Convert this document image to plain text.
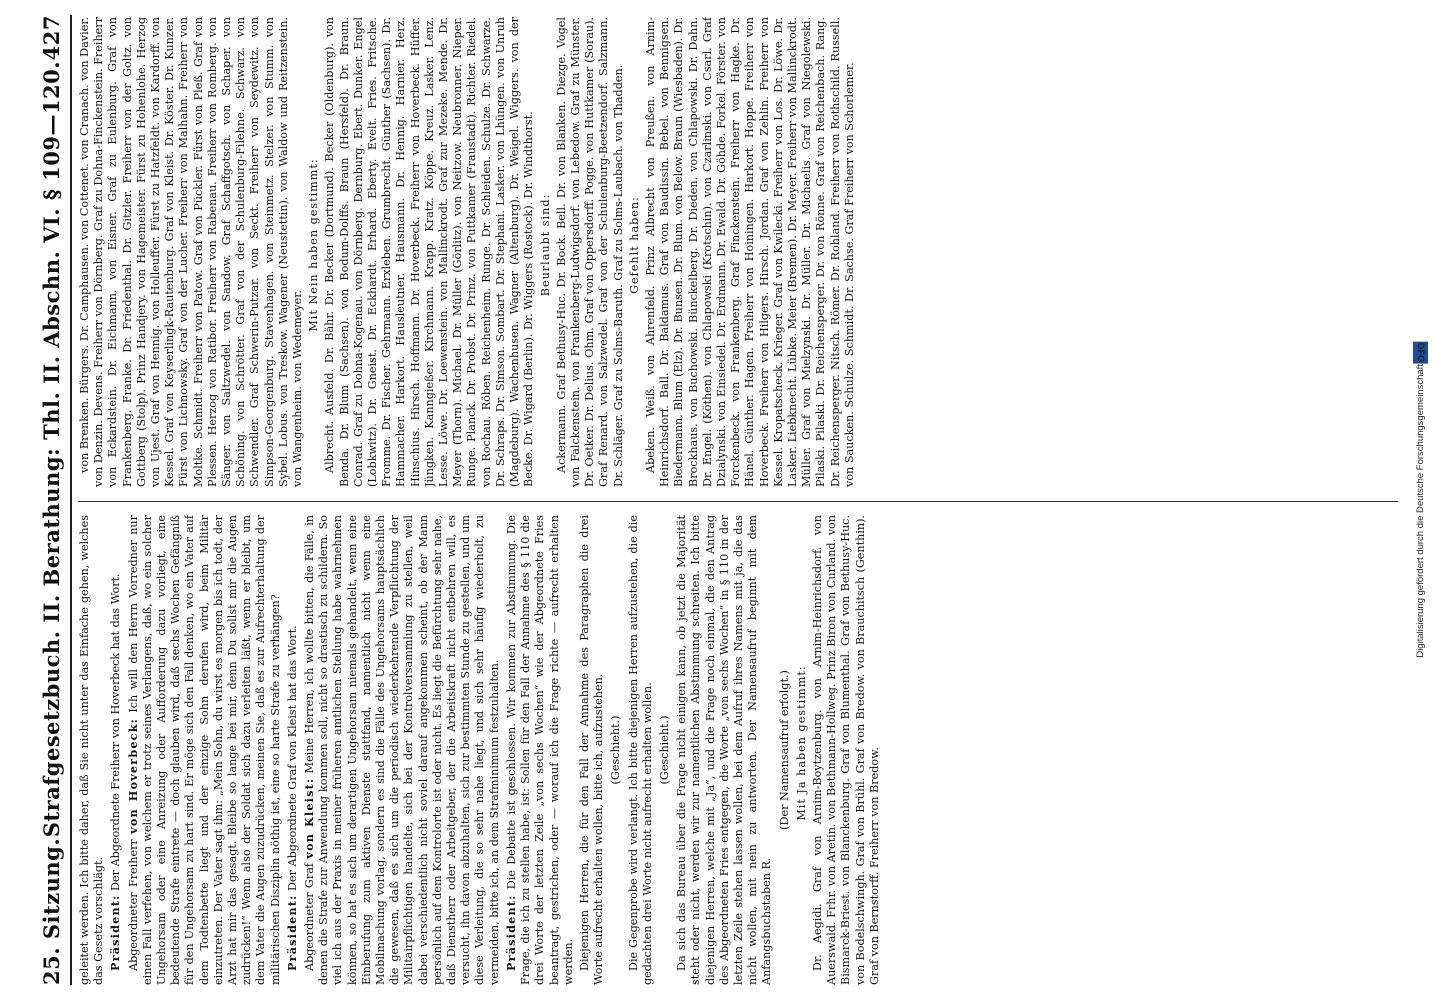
25. Sitzung.
Strafgesetzbuch. II. Berathung: Thl. II. Abschn. VI. § 109—120.
427

geleitet werden. Ich bitte daher, daß Sie nicht unter das Einfache gehen, welches das Gesetz vorschlägt. Präsident: Der Abgeordnete Freiherr von Hoverbeck hat das Wort.

Abgeordneter Freiherr von Hoverbeck: Ich will den Herrn Vorredner nur einen Fall verfehen, von welchem er trotz seines Verlangens, daß, wo ein solcher Ungehorsam oder eine Anreizung oder Aufforderung dazu vorliegt, eine bedeutende Strafe eintrete — doch glauben wird, daß sechs Wochen Gefängniß für den Ungehorsam zu hart sind. Er möge sich den Fall denken, wo ein Vater auf dem Todtenbette liegt und der einzige Sohn derufen wird, beim Militär einzutreten. Der Vater sagt ihm: „Mein Sohn, du wirst es morgen bis ich todt, der Arzt hat mir das gesagt. Bleibe so lange bei mir, denn Du sollst mir die Augen zudrücken!“ Wenn also der Soldat sich dazu verleiten läßt, wenn er bleibt, um dem Vater die Augen zuzudrücken, meinen Sie, daß es zur Aufrechterhaltung der militärischen Disziplin nöthig ist, eine so harte Strafe zu verhängen? Präsident: Der Abgeordnete Graf von Kleist hat das Wort.

Abgeordneter Graf von Kleist: Meine Herren, ich wollte bitten, die Fälle, in denen die Strafe zur Anwendung kommen soll, nicht so drastisch zu schildern. So viel ich aus der Praxis in meiner früheren amtlichen Stellung habe wahrnehmen können, so hat es sich um derartigen Ungehorsam niemals gehandelt, wenn eine Einberufung zum aktiven Dienste stattfand, namentlich nicht wenn eine Mobilmachung vorlag, sondern es sind die Fälle des Ungehorsams hauptsächlich die gewesen, daß es sich um die periodisch wiederkehrende Verpflichtung der Militairpflichtigen handelte, sich bei der Kontrolversammlung zu stellen, weil dabei verschiedentlich nicht soviel darauf angekommen scheint, ob der Mann persönlich auf dem Kontrolorte ist oder nicht. Es liegt die Befürchtung sehr nahe, daß Dienstherr oder Arbeitgeber, der die Arbeitskraft nicht entbehren will, es versucht, ihn davon abzuhalten, sich zur bestimmten Stunde zu gestellen, und um diese Verleitung, die so sehr nahe liegt, und sich sehr häufig wiederholt, zu vermeiden, bitte ich, an dem Strafminimum festzuhalten. Präsident: Die Debatte ist geschlossen. Wir kommen zur Abstimmung. Die Frage, die ich zu stellen habe, ist: Sollen für den Fall der Annahme des § 110 die drei Worte der letzten Zeile „von sechs Wochen“ wie der Abgeordnete Fries beantragt, gestrichen, oder — worauf ich die Frage richte — aufrecht erhalten werden. Diejenigen Herren, die für den Fall der Annahme des Paragraphen die drei Worte aufrecht erhalten wollen, bitte ich, aufzustehen. (Geschieht.) Die Gegenprobe wird verlangt. Ich bitte diejenigen Herren aufzustehen, die die gedachten drei Worte nicht aufrecht erhalten wollen. (Geschieht.) Da sich das Bureau über die Frage nicht einigen kann, ob jetzt die Majorität steht oder nicht, werden wir zur namentlichen Abstimmung schreiten. Ich bitte diejenigen Herren, welche mit „Ja“, und die Frage noch einmal, die den Antrag des Abgeordneten Fries entgegen, die Worte „von sechs Wochen“ in § 110 in der letzten Zeile stehen lassen wollen, bei dem Aufruf ihres Namens mit ja, die das nicht wollen, mit nein zu antworten. Der Namensaufruf beginnt mit dem Anfangsbuchstaben R.

(Der Namensaufruf erfolgt.) Mit Ja haben gestimmt: Dr. Aegidi. Graf von Arnim-Boytzenburg. von Arnim-Heinrichsdorf. von Auerswald. Frhr. von Aretin. von Bethmann-Hollweg. Prinz Biron von Curland. von Bismarck-Briest. von Blanckenburg. Graf von Blumenthal. Graf von Bethusy-Huc. von Bodelschwingh. Graf von Brühl. Graf von Bredow. von Brauchitsch (Genthin). Graf von Bernstorff. Freiherr von Bredow.

von Brenken. Bürgers. Dr. Camphausen. von Cottenet. von Cranach. von Davier. von Denzin. Devens. Freiherr von Dörnberg. Graf zu Dohna-Finckenstein. Freiherr von Eckardstein. Dr. Eichmann. von Eisner. Graf zu Eulenburg. Graf von Frankenberg. Franke. Dr. Friedenthal. Dr. Gitzler. Freiherr von der Goltz. von Gottberg (Stolp). Prinz Handjery. von Hagemeister. Fürst zu Hohenlohe. Herzog von Ujest. Graf von Hennig. von Holleuffer. Fürst zu Hatzfeldt. von Kardorff. von Kessel. Graf von Keyserlingk-Rautenburg. Graf von Kleist. Dr. Köster. Dr. Kunzer. Fürst von Lichnowsky. Graf von der Lucher. Freiherr von Malhahn. Freiherr von Moltke. Schmidt. Freiherr von Patow. Graf von Pückler. Fürst von Pleß. Graf von Plessen. Herzog von Ratibor. Freiherr von Rabenau. Freiherr von Romberg. von Sänger. von Saltzwedel. von Sandow. Graf Schaffgotsch. von Schaper. von Schöning. von Schrötter. Graf von der Schulenburg-Filehne. Schwarz. von Schwendler. Graf Schwerin-Putzar. von Seckt. Freiherr von Seydewitz. von Simpson-Georgenburg. Stavenhagen. von Steinmetz. Stelzer. von Stumm. von Sybel. Lobus. von Treskow. Wagener (Neustettin). von Waldow und Reitzenstein. von Wangenheim. von Wedemeyer.

Mit Nein haben gestimmt: Albrecht. Ausfeld. Dr. Bähr. Dr. Becker (Dortmund). Becker (Oldenburg). von Benda. Dr. Blum (Sachsen). von Bodum-Dolffs. Braun (Hersfeld). Dr. Braun. Conrad. Graf zu Dohna-Kogenau. von Dörnberg. Dernburg. Ebert. Dunker. Engel (Lobkwitz). Dr. Gneist. Dr. Eckhardt. Erhard. Eberty. Evelt. Fries. Fritsche. Fromme. Dr. Fischer. Gehrmann. Erxleben. Grumbrecht. Günther (Sachsen). Dr. Hammacher. Harkort. Hausleutner. Hausmann. Dr. Hennig. Harnier. Herz. Hinschius. Hirsch. Hoffmann. Dr. Hoverbeck. Freiherr von Hoverbeck. Hüffer. Jüngken. Kanngießer. Kirchmann. Krapp. Kratz. Köppe. Kreuz. Lasker. Lenz. Lesse. Löwe. Dr. Loewenstein. von Mallinckrodt. Graf zur Mezeke. Mende. Dr. Meyer (Thorn). Michael. Dr. Müller (Görlitz). von Neitzow. Neubronner. Nieper. Runge. Planck. Dr. Probst. Dr. Prinz. von Puttkamer (Fraustadt). Richter. Riedel. von Rochau. Röben. Reichenheim. Runge. Dr. Schleiden. Schulze. Dr. Schwarze. Dr. Schraps. Dr. Simson. Sombart. Dr. Stephani. Lasker. von Lhüngen. von Unruh (Magdeburg). Wachenhusen. Wagner (Altenburg). Dr. Weigel. Wiggers. von der Becke. Dr. Wigard (Berlin). Dr. Wiggers (Rostock). Dr. Windthorst. Beurlaubt sind: Ackermann. Graf Bethusy-Huc. Dr. Bock. Bell. Dr. von Blanken. Diezge. Vogel von Falckenstein. von Frankenberg-Ludwigsdorf. von Lebedow. Graf zu Münster. Dr. Oetker. Dr. Delius. Ohm. Graf von Oppersdorff. Pogge. von Huttkamer (Sorau). Graf Renard. von Salzwedel. Graf von der Schulenburg-Beetzendorf. Salzmann. Dr. Schläger. Graf zu Solms-Baruth. Graf zu Solms-Laubach. von Thadden. Gefehlt haben: Abeken. Weiß. von Ahrenfeld. Prinz Albrecht von Preußen. von Arnim-Heinrichsdorf. Ball. Dr. Baldamus. Graf von Baudissin. Bebel. von Bennigsen. Biedermann. Blum (Elz). Dr. Bunsen. Dr. Blum. von Below. Braun (Wiesbaden). Dr. Brockhaus. von Buchowski. Bünckelberg. Dr. Dieden. von Chlapowski. Dr. Dahn. Dr. Engel. (Köthen). von Chlapowski (Krotschin). von Czarlinski. von Csarl. Graf Dzialynski. von Einsiedel. Dr. Erdmann. Dr. Ewald. Dr. Göhde. Forkel. Förster. von Forckenbeck. von Frankenberg. Graf Finckenstein. Freiherr von Hagke. Dr. Hänel. Günther. Hagen. Freiherr von Hoiningen. Harkort. Hoppe. Freiherr von Hoverbeck. Freiherr von Hilgers. Hirsch. Jordan. Graf von Zehlin. Freiherr von Kessel. Kropatscheck. Krieger. Graf von Kwilecki. Freiherr von Los. Dr. Löwe. Dr. Lasker. Liebknecht. Lübke. Meier (Bremen). Dr. Meyer. Freiherr von Mallinckrodt. Müller. Graf von Mielzynski. Dr. Müller. Dr. Michaelis. Graf von Niegolewski. Pilaski. Pilaski. Dr. Reichensperger. Dr. von Rönne. Graf von Reichenbach. Rang. Dr. Reichensperger. Nitsch. Römer. Dr. Rohland. Freiherr von Rothschild. Russell. von Saucken. Schulze. Schmidt. Dr. Sachse. Graf Freiherr von Schorlemer.

Digitalisierung gefördert durch die Deutsche ForschungsgemeinschaftDFG
